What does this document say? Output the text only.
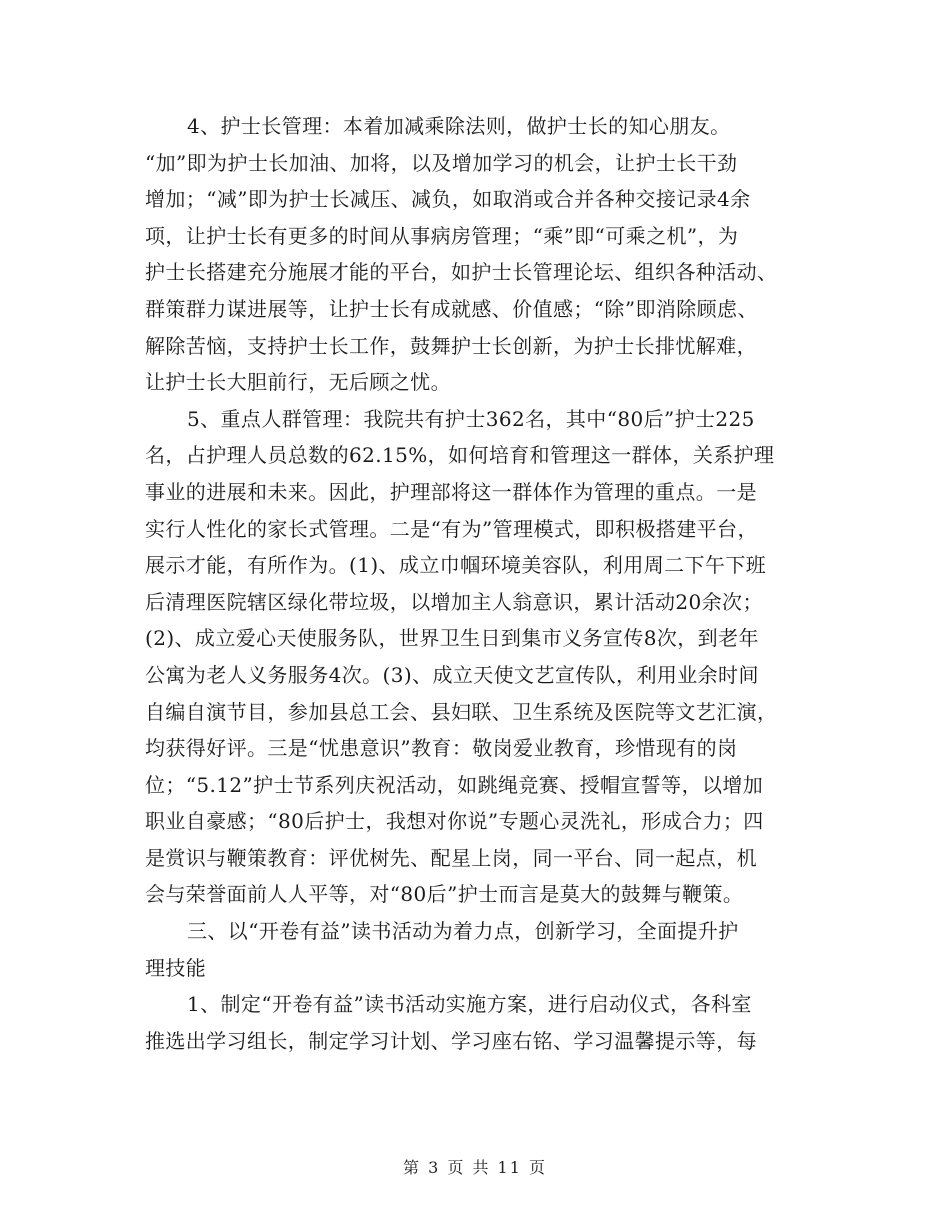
4、护士长管理：本着加减乘除法则，做护士长的知心朋友。
“加”即为护士长加油、加将，以及增加学习的机会，让护士长干劲
增加；“减”即为护士长减压、减负，如取消或合并各种交接记录4余
项，让护士长有更多的时间从事病房管理；“乘”即“可乘之机”，为
护士长搭建充分施展才能的平台，如护士长管理论坛、组织各种活动、
群策群力谋进展等，让护士长有成就感、价值感；“除”即消除顾虑、
解除苦恼，支持护士长工作，鼓舞护士长创新，为护士长排忧解难，
让护士长大胆前行，无后顾之忧。
5、重点人群管理：我院共有护士362名，其中“80后”护士225
名，占护理人员总数的62.15%，如何培育和管理这一群体，关系护理
事业的进展和未来。因此，护理部将这一群体作为管理的重点。一是
实行人性化的家长式管理。二是“有为”管理模式，即积极搭建平台，
展示才能，有所作为。(1)、成立巾帼环境美容队，利用周二下午下班
后清理医院辖区绿化带垃圾，以增加主人翁意识，累计活动20余次；
(2)、成立爱心天使服务队，世界卫生日到集市义务宣传8次，到老年
公寓为老人义务服务4次。(3)、成立天使文艺宣传队，利用业余时间
自编自演节目，参加县总工会、县妇联、卫生系统及医院等文艺汇演，
均获得好评。三是“忧患意识”教育：敬岗爱业教育，珍惜现有的岗
位；“5.12”护士节系列庆祝活动，如跳绳竞赛、授帽宣誓等，以增加
职业自豪感；“80后护士，我想对你说”专题心灵洗礼，形成合力；四
是赏识与鞭策教育：评优树先、配星上岗，同一平台、同一起点，机
会与荣誉面前人人平等，对“80后”护士而言是莫大的鼓舞与鞭策。
三、以“开卷有益”读书活动为着力点，创新学习，全面提升护
理技能
1、制定“开卷有益”读书活动实施方案，进行启动仪式，各科室
推选出学习组长，制定学习计划、学习座右铭、学习温馨提示等，每
第 3 页 共 11 页
